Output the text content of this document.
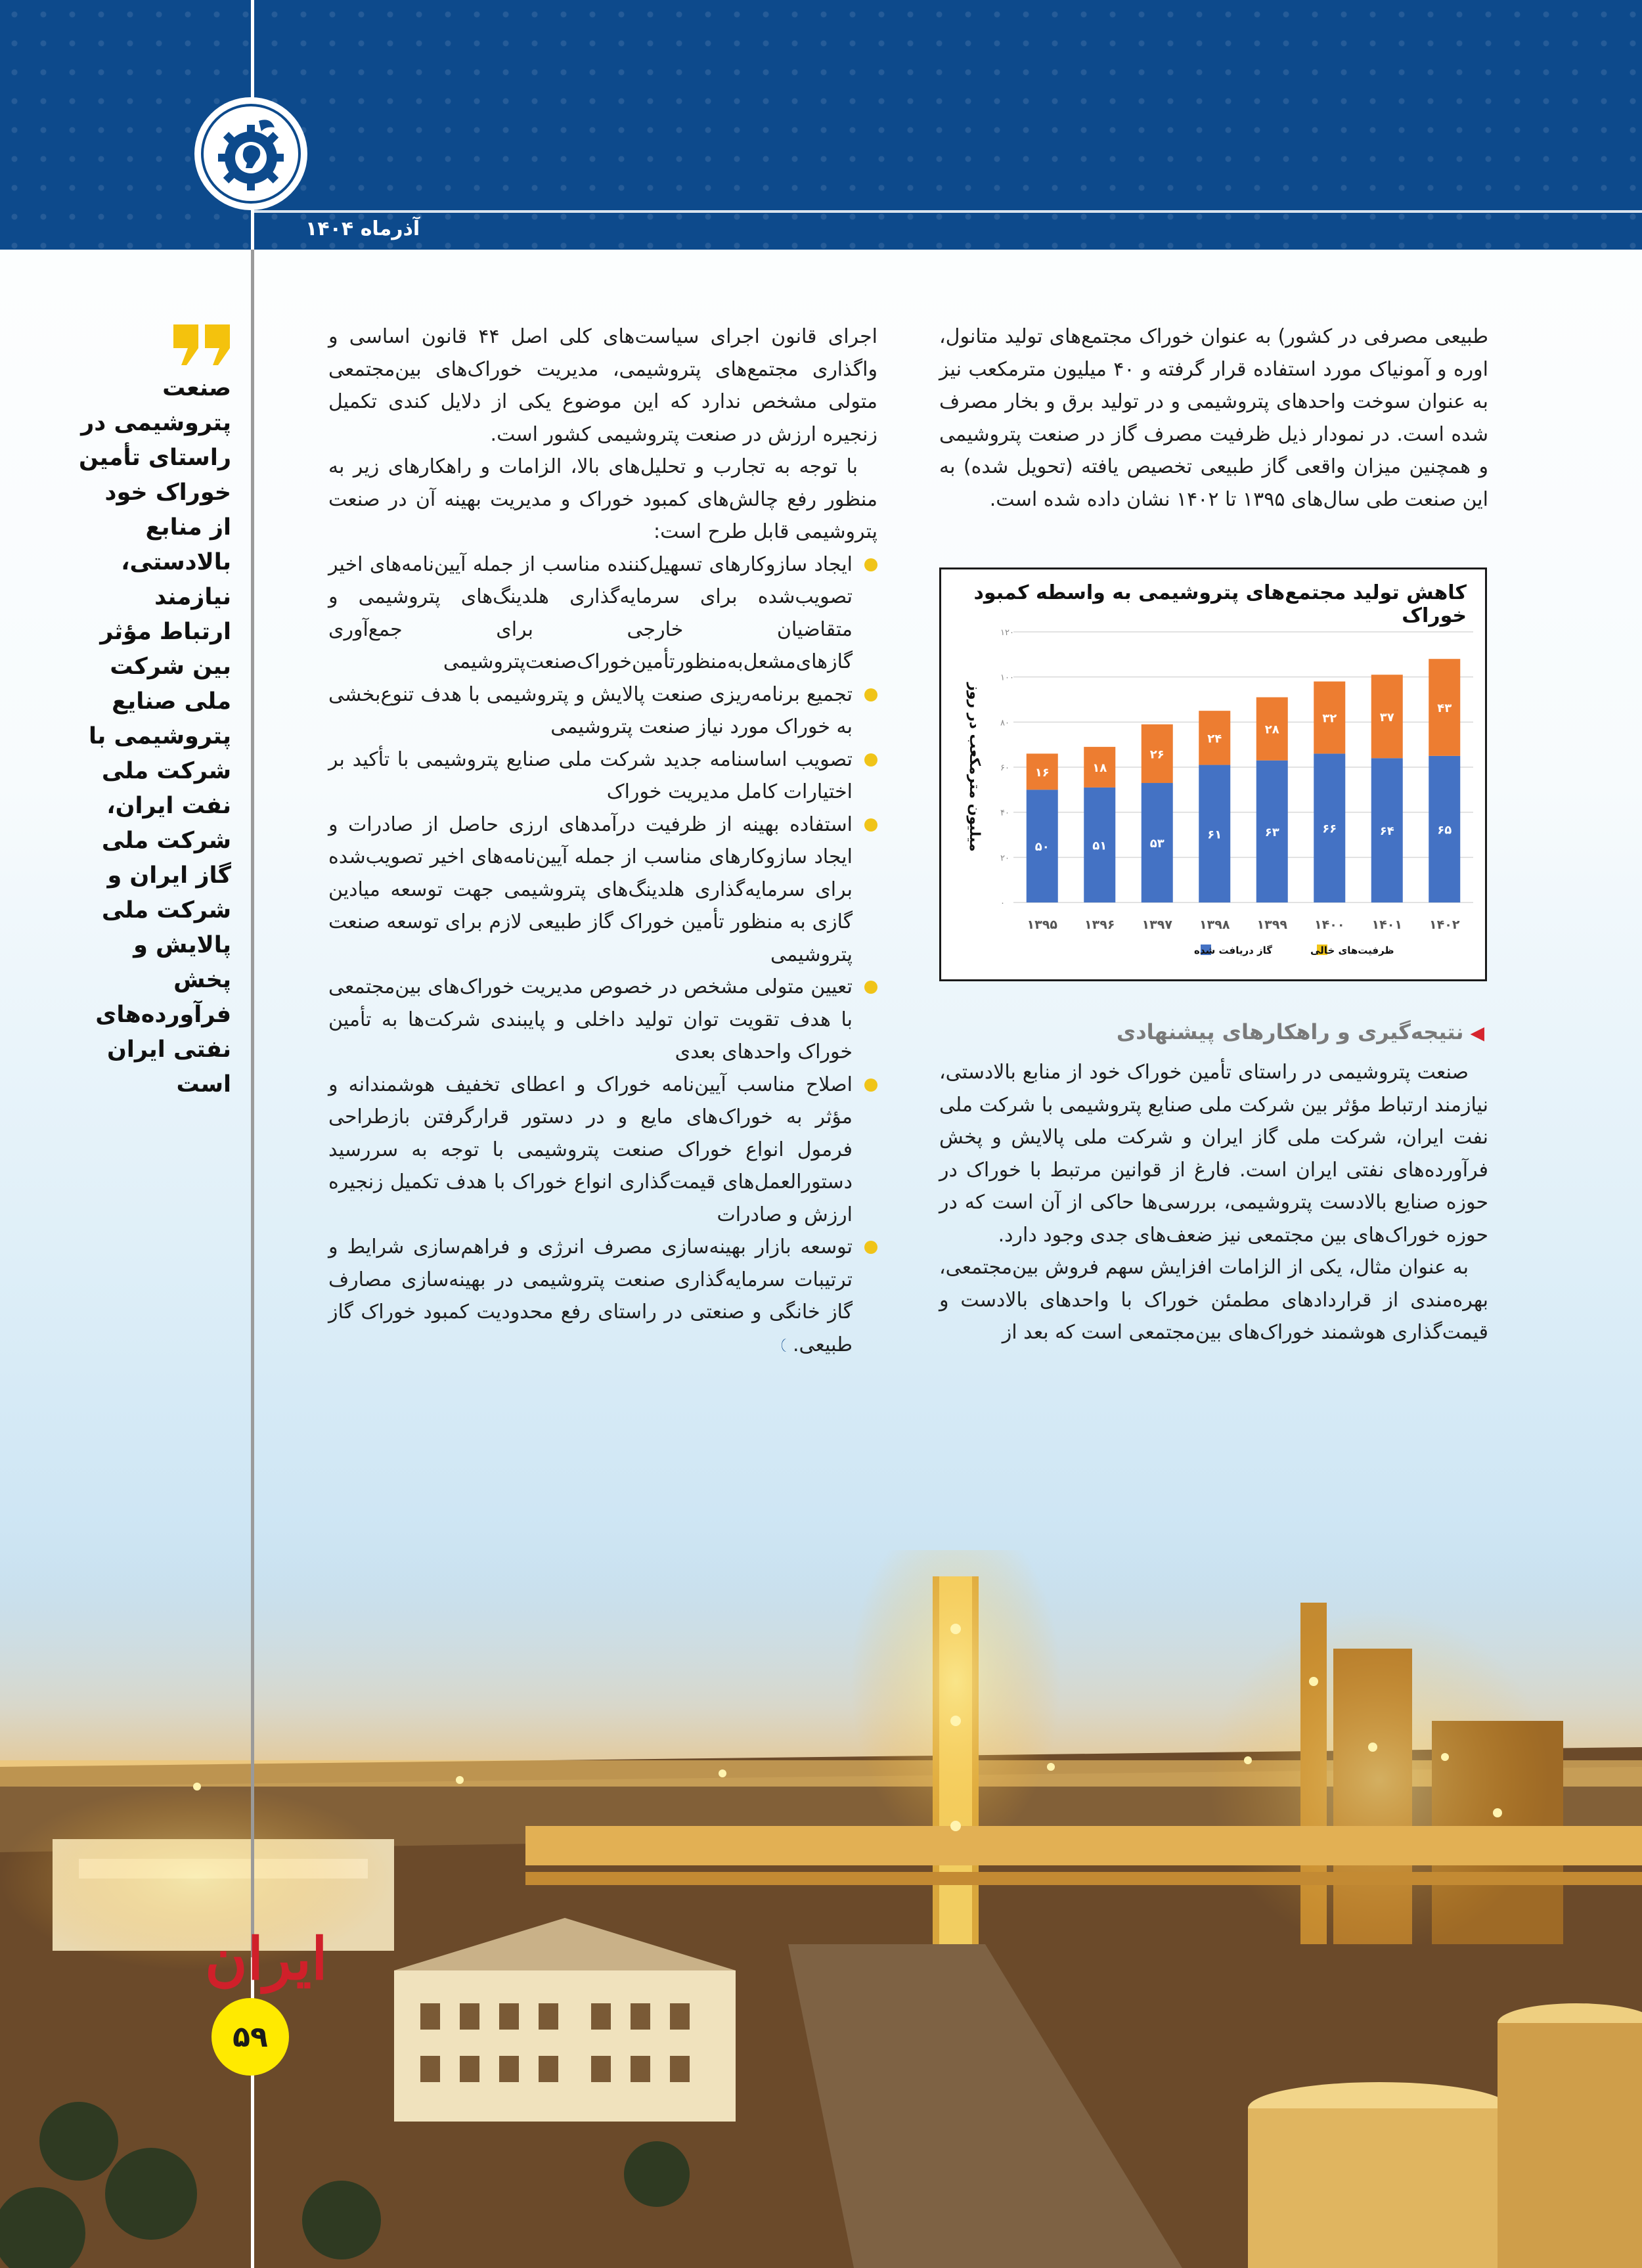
آذرماه ۱۴۰۴
صنعت پتروشیمی در راستای تأمین خوراک خود از منابع بالادستی، نیازمند ارتباط مؤثر بین شرکت ملی صنایع پتروشیمی با شرکت ملی نفت ایران، شرکت ملی گاز ایران و شرکت ملی پالایش و پخش فرآورده‌های نفتی ایران است

طبیعی مصرفی در کشور) به عنوان خوراک مجتمع‌های تولید متانول، اوره و آمونیاک مورد استفاده قرار گرفته و ۴۰ میلیون مترمکعب نیز به عنوان سوخت واحدهای پتروشیمی و در تولید برق و بخار مصرف شده است. در نمودار ذیل ظرفیت مصرف گاز در صنعت پتروشیمی و همچنین میزان واقعی گاز طبیعی تخصیص یافته (تحویل شده) به این صنعت طی سال‌های ۱۳۹۵ تا ۱۴۰۲ نشان داده شده است.

کاهش تولید مجتمع‌های پتروشیمی به واسطه کمبود خوراک
۰
۲۰
۴۰
۶۰
۸۰
۱۰۰
۱۲۰
میلیون مترمکعب در روز	۵۰
۱۶
۱۳۹۵
۵۱
۱۸
۱۳۹۶
۵۳
۲۶
۱۳۹۷
۶۱
۲۴
۱۳۹۸
۶۳
۲۸
۱۳۹۹
۶۶
۳۲
۱۴۰۰
۶۴
۳۷
۱۴۰۱
۶۵
۴۳
۱۴۰۲
ظرفیت‌های خالی
گاز دریافت شده
◀نتیجه‌گیری و راهکارهای پیشنهادی

صنعت پتروشیمی در راستای تأمین خوراک خود از منابع بالادستی، نیازمند ارتباط مؤثر بین شرکت ملی صنایع پتروشیمی با شرکت ملی نفت ایران، شرکت ملی گاز ایران و شرکت ملی پالایش و پخش فرآورده‌های نفتی ایران است. فارغ از قوانین مرتبط با خوراک در حوزه صنایع بالادست پتروشیمی، بررسی‌ها حاکی از آن است که در حوزه خوراک‌های بین مجتمعی نیز ضعف‌های جدی وجود دارد.

به عنوان مثال، یکی از الزامات افزایش سهم فروش بین‌مجتمعی، بهره‌مندی از قراردادهای مطمئن خوراک با واحدهای بالادست و قیمت‌گذاری هوشمند خوراک‌های بین‌مجتمعی است که بعد از

اجرای قانون اجرای سیاست‌های کلی اصل ۴۴ قانون اساسی و واگذاری مجتمع‌های پتروشیمی، مدیریت خوراک‌های بین‌مجتمعی متولی مشخص ندارد که این موضوع یکی از دلایل کندی تکمیل زنجیره ارزش در صنعت پتروشیمی کشور است.

با توجه به تجارب و تحلیل‌های بالا، الزامات و راهکارهای زیر به منظور رفع چالش‌های کمبود خوراک و مدیریت بهینه آن در صنعت پتروشیمی قابل طرح است:

ایجاد سازوکارهای تسهیل‌کننده مناسب از جمله آیین‌نامه‌های اخیر تصویب‌شده برای سرمایه‌گذاری هلدینگ‌های پتروشیمی و متقاضیان خارجی برای جمع‌آوری گازهای‌مشعل‌به‌منظورتأمین‌خوراک‌صنعت‌پتروشیمی
تجمیع برنامه‌ریزی صنعت پالایش و پتروشیمی با هدف تنوع‌بخشی به خوراک مورد نیاز صنعت پتروشیمی
تصویب اساسنامه جدید شرکت ملی صنایع پتروشیمی با تأکید بر اختیارات کامل مدیریت خوراک
استفاده بهینه از ظرفیت درآمدهای ارزی حاصل از صادرات و ایجاد سازوکارهای مناسب از جمله آیین‌نامه‌های اخیر تصویب‌شده برای سرمایه‌گذاری هلدینگ‌های پتروشیمی جهت توسعه میادین گازی به منظور تأمین خوراک گاز طبیعی لازم برای توسعه صنعت پتروشیمی
تعیین متولی مشخص در خصوص مدیریت خوراک‌های بین‌مجتمعی با هدف تقویت توان تولید داخلی و پایبندی شرکت‌ها به تأمین خوراک واحدهای بعدی
اصلاح مناسب آیین‌نامه خوراک و اعطای تخفیف هوشمندانه و مؤثر به خوراک‌های مایع و در دستور قرارگرفتن بازطراحی فرمول انواع خوراک صنعت پتروشیمی با توجه به سررسید دستورالعمل‌های قیمت‌گذاری انواع خوراک با هدف تکمیل زنجیره ارزش و صادرات
توسعه بازار بهینه‌سازی مصرف انرژی و فراهم‌سازی شرایط و ترتیبات سرمایه‌گذاری صنعت پتروشیمی در بهینه‌سازی مصارف گاز خانگی و صنعتی در راستای رفع محدودیت کمبود خوراک گاز طبیعی.
ایران
۵۹
